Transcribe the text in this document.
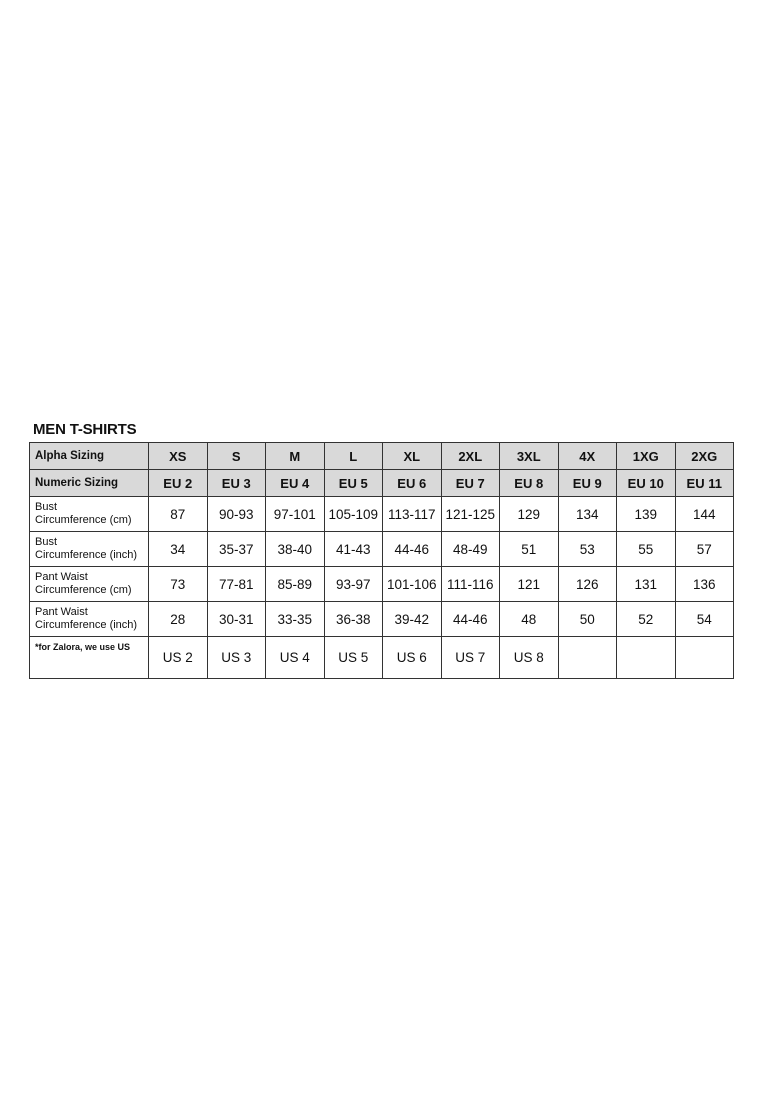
MEN T-SHIRTS
Alpha Sizing	XS	S	M	L	XL	2XL	3XL	4X	1XG	2XG

Numeric Sizing	EU 2	EU 3	EU 4	EU 5	EU 6	EU 7	EU 8	EU 9	EU 10	EU 11

Bust
Circumference (cm)	87	90-93	97-101	105-109	113-117	121-125	129	134	139	144

Bust
Circumference (inch)	34	35-37	38-40	41-43	44-46	48-49	51	53	55	57

Pant Waist
Circumference (cm)	73	77-81	85-89	93-97	101-106	111-116	121	126	131	136

Pant Waist
Circumference (inch)	28	30-31	33-35	36-38	39-42	44-46	48	50	52	54

*for Zalora, we use US	US 2	US 3	US 4	US 5	US 6	US 7	US 8			
